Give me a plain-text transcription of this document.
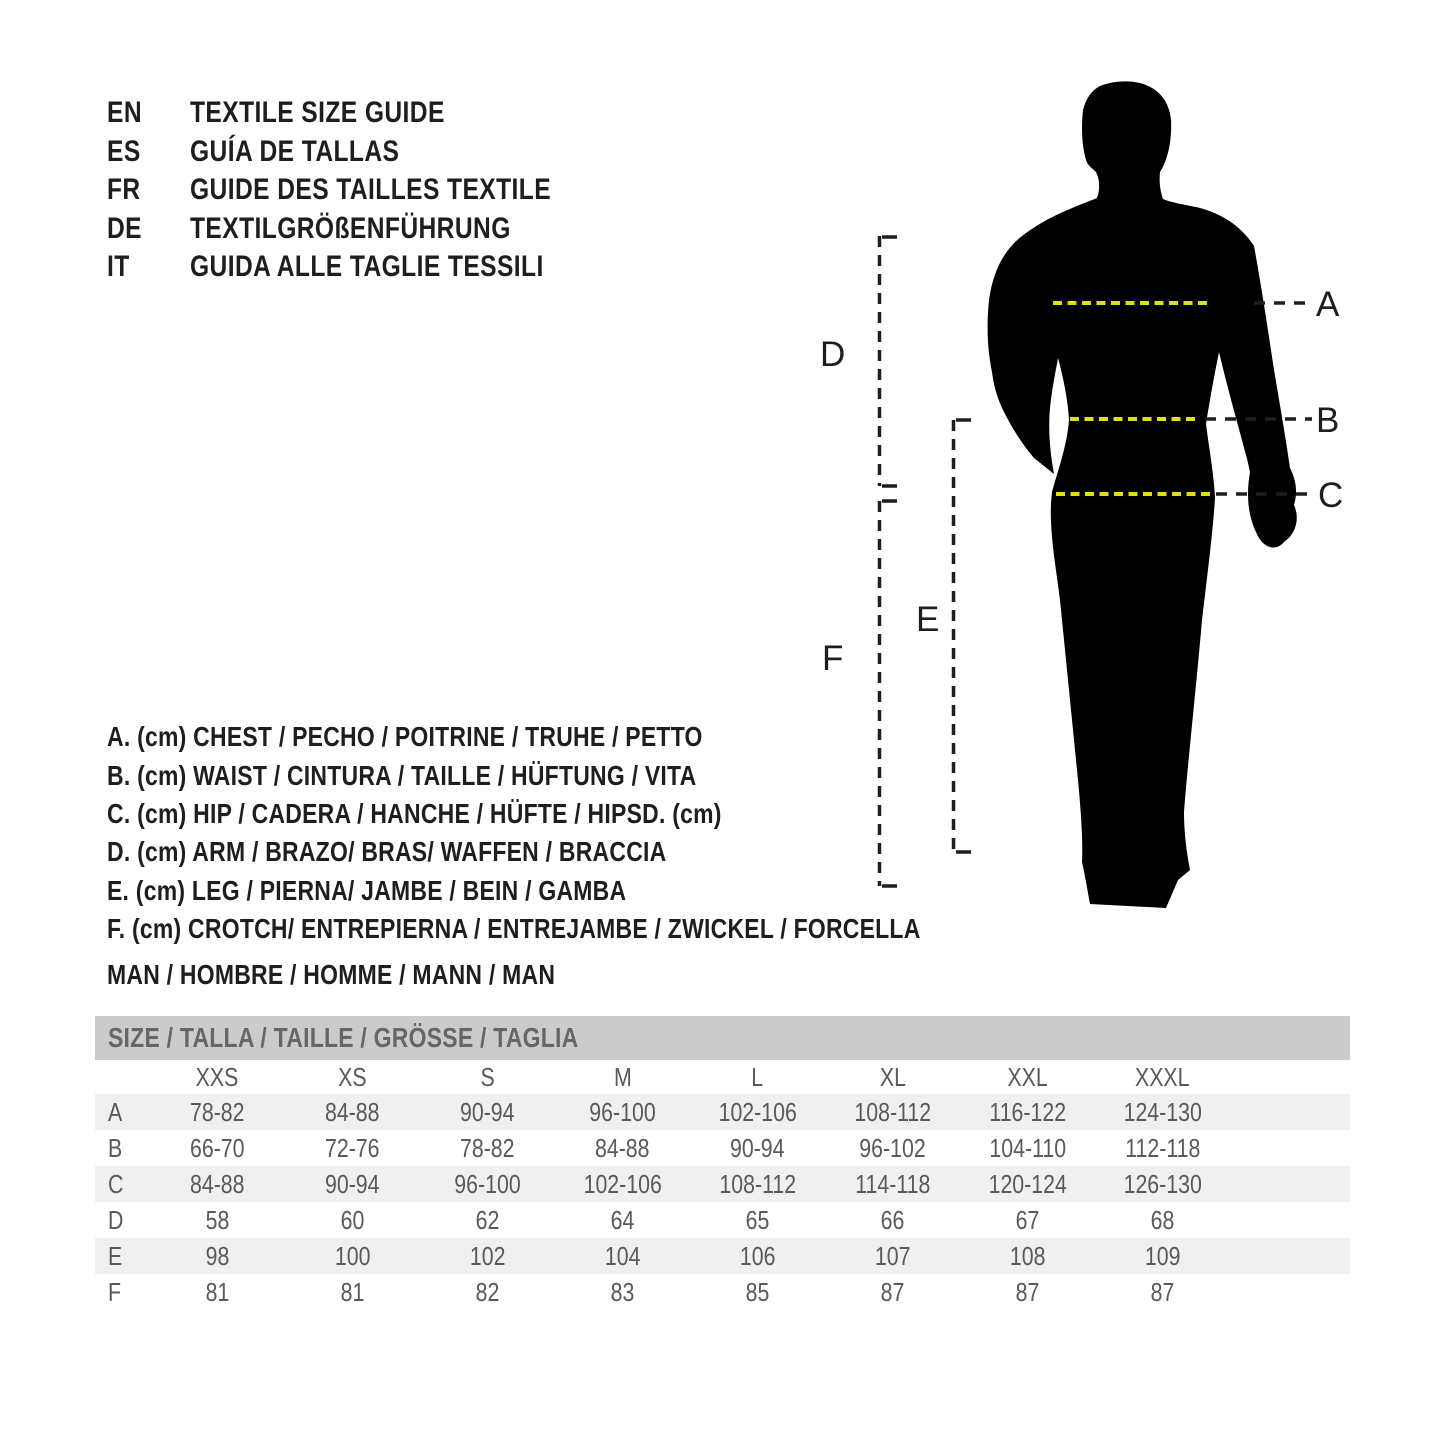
EN	TEXTILE SIZE GUIDE
ES	GUÍA DE TALLAS
FR	GUIDE DES TAILLES TEXTILE
DE	TEXTILGRÖßENFÜHRUNG
IT	GUIDA ALLE TAGLIE TESSILI
A
B
C
D
E
F
A. (cm) CHEST / PECHO / POITRINE / TRUHE / PETTO
B. (cm) WAIST / CINTURA / TAILLE / HÜFTUNG / VITA
C. (cm) HIP / CADERA / HANCHE / HÜFTE / HIPSD. (cm)
D. (cm) ARM / BRAZO/ BRAS/ WAFFEN / BRACCIA
E. (cm) LEG / PIERNA/ JAMBE / BEIN / GAMBA
F. (cm) CROTCH/ ENTREPIERNA / ENTREJAMBE / ZWICKEL / FORCELLA
MAN / HOMBRE / HOMME / MANN / MAN
SIZE / TALLA / TAILLE / GRÖSSE / TAGLIA
XXS	XS	S	M	L	XL	XXL	XXXL
A	78-82	84-88	90-94	96-100	102-106	108-112	116-122	124-130
B	66-70	72-76	78-82	84-88	90-94	96-102	104-110	112-118
C	84-88	90-94	96-100	102-106	108-112	114-118	120-124	126-130
D	58	60	62	64	65	66	67	68
E	98	100	102	104	106	107	108	109
F	81	81	82	83	85	87	87	87
